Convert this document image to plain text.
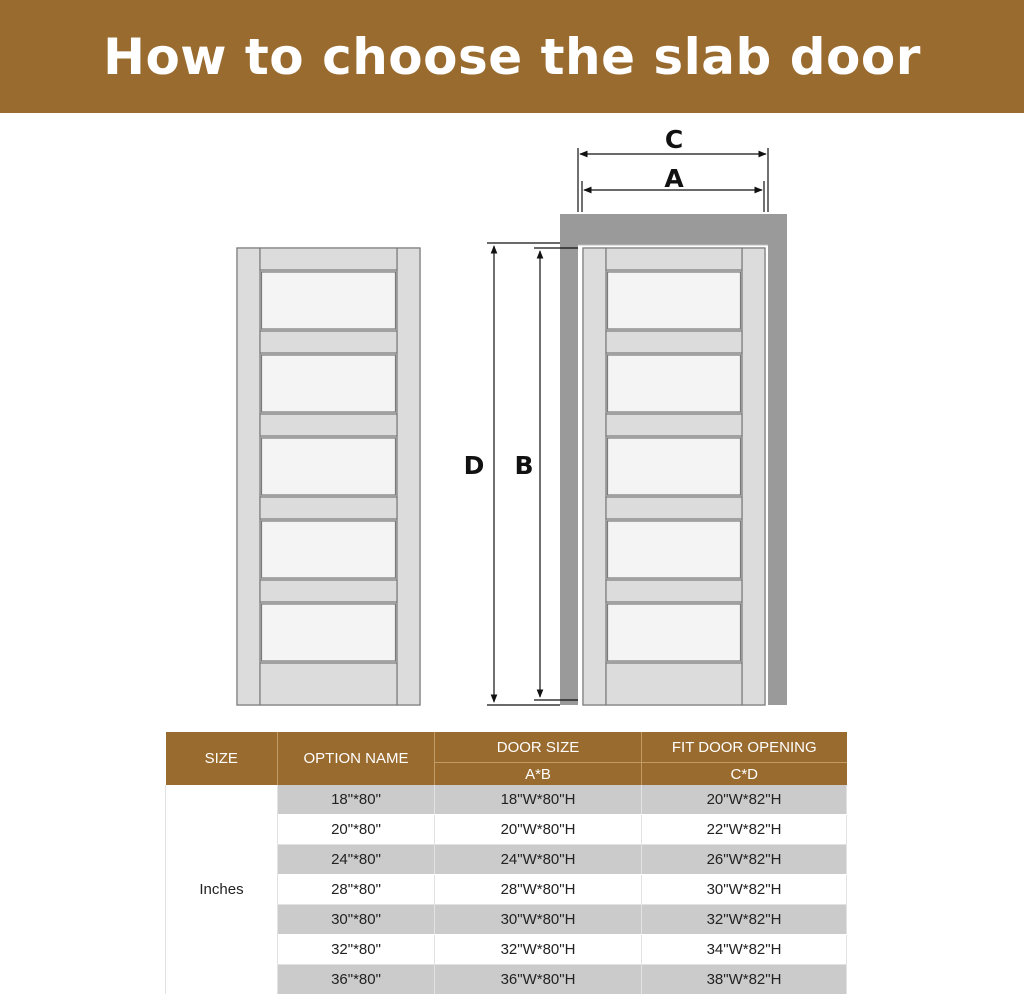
How to choose the slab door
C
A
D B
SIZE	OPTION NAME	DOOR SIZE	FIT DOOR OPENING
		A*B	C*D
Inches	18"*80"	18"W*80"H	20"W*82"H
	20"*80"	20"W*80"H	22"W*82"H
	24"*80"	24"W*80"H	26"W*82"H
	28"*80"	28"W*80"H	30"W*82"H
	30"*80"	30"W*80"H	32"W*82"H
	32"*80"	32"W*80"H	34"W*82"H
	36"*80"	36"W*80"H	38"W*82"H
